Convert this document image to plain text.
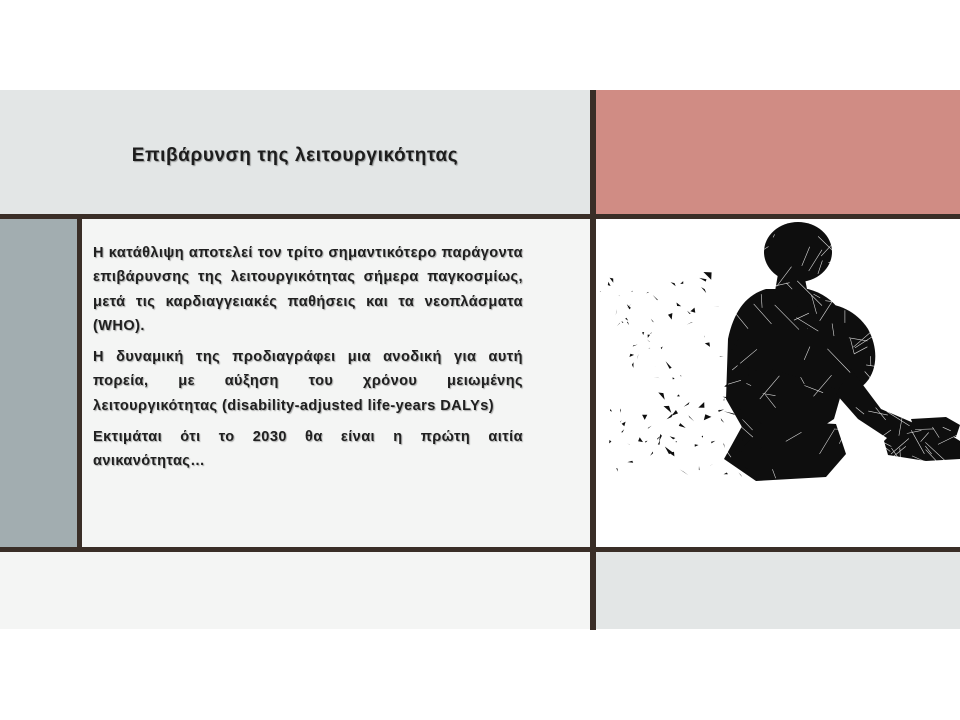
Επιβάρυνση της λειτουργικότητας

Η κατάθλιψη αποτελεί τον τρίτο σημαντικότερο παράγοντα επιβάρυνσης της λειτουργικότητας σήμερα παγκοσμίως, μετά τις καρδιαγγειακές παθήσεις και τα νεοπλάσματα (WHO).

Η δυναμική της προδιαγράφει μια ανοδική για αυτή πορεία, με αύξηση του χρόνου μειωμένης λειτουργικότητας (disability-adjusted life-years DALYs)

Εκτιμάται ότι το 2030 θα είναι η πρώτη αιτία ανικανότητας…
